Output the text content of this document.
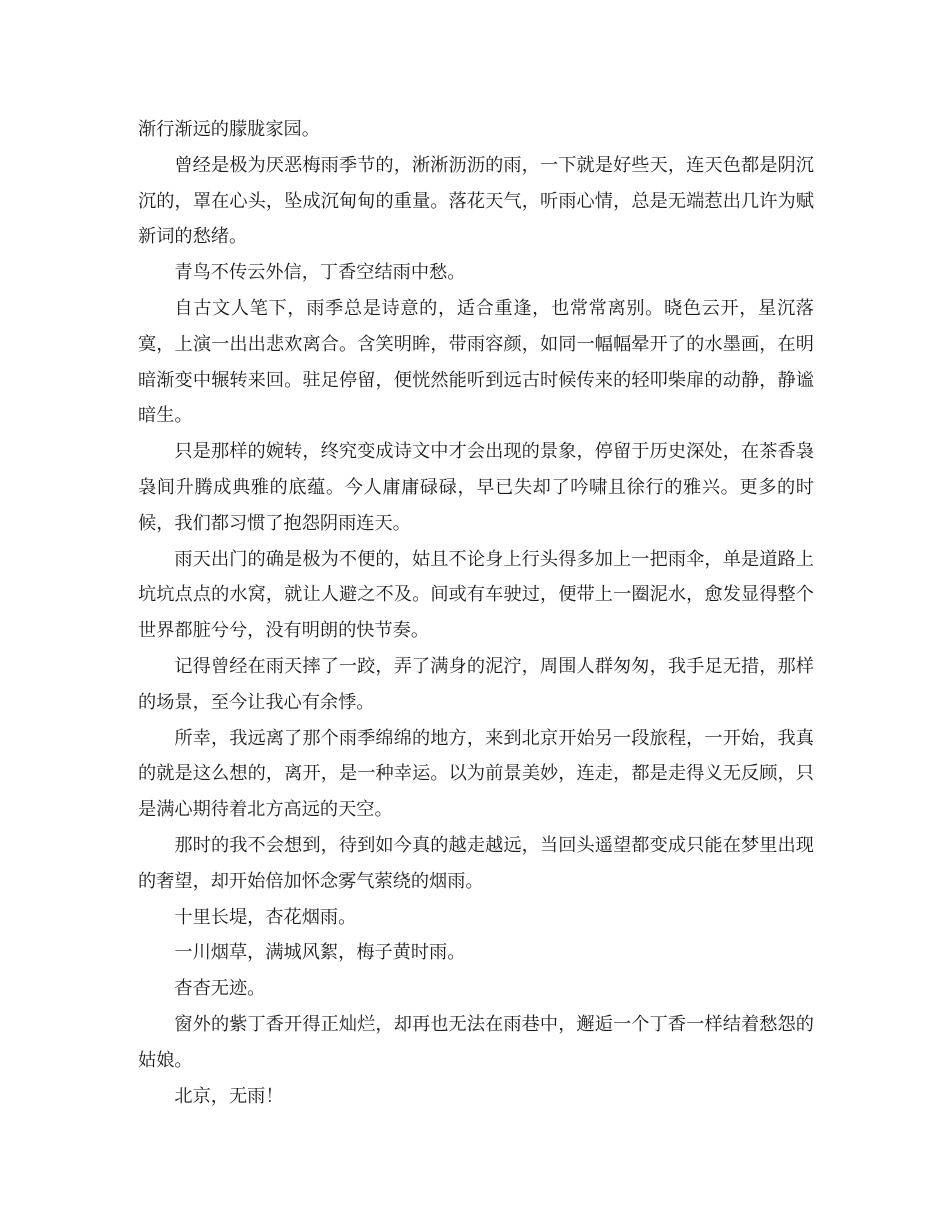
渐行渐远的朦胧家园。

曾经是极为厌恶梅雨季节的，淅淅沥沥的雨，一下就是好些天，连天色都是阴沉沉的，罩在心头，坠成沉甸甸的重量。落花天气，听雨心情，总是无端惹出几许为赋新词的愁绪。

青鸟不传云外信，丁香空结雨中愁。

自古文人笔下，雨季总是诗意的，适合重逢，也常常离别。晓色云开，星沉落寞，上演一出出悲欢离合。含笑明眸，带雨容颜，如同一幅幅晕开了的水墨画，在明暗渐变中辗转来回。驻足停留，便恍然能听到远古时候传来的轻叩柴扉的动静，静谧暗生。

只是那样的婉转，终究变成诗文中才会出现的景象，停留于历史深处，在茶香袅袅间升腾成典雅的底蕴。今人庸庸碌碌，早已失却了吟啸且徐行的雅兴。更多的时候，我们都习惯了抱怨阴雨连天。

雨天出门的确是极为不便的，姑且不论身上行头得多加上一把雨伞，单是道路上坑坑点点的水窝，就让人避之不及。间或有车驶过，便带上一圈泥水，愈发显得整个世界都脏兮兮，没有明朗的快节奏。

记得曾经在雨天摔了一跤，弄了满身的泥泞，周围人群匆匆，我手足无措，那样的场景，至今让我心有余悸。

所幸，我远离了那个雨季绵绵的地方，来到北京开始另一段旅程，一开始，我真的就是这么想的，离开，是一种幸运。以为前景美妙，连走，都是走得义无反顾，只是满心期待着北方高远的天空。

那时的我不会想到，待到如今真的越走越远，当回头遥望都变成只能在梦里出现的奢望，却开始倍加怀念雾气萦绕的烟雨。

十里长堤，杏花烟雨。

一川烟草，满城风絮，梅子黄时雨。

杳杳无迹。

窗外的紫丁香开得正灿烂，却再也无法在雨巷中，邂逅一个丁香一样结着愁怨的姑娘。

北京，无雨！
